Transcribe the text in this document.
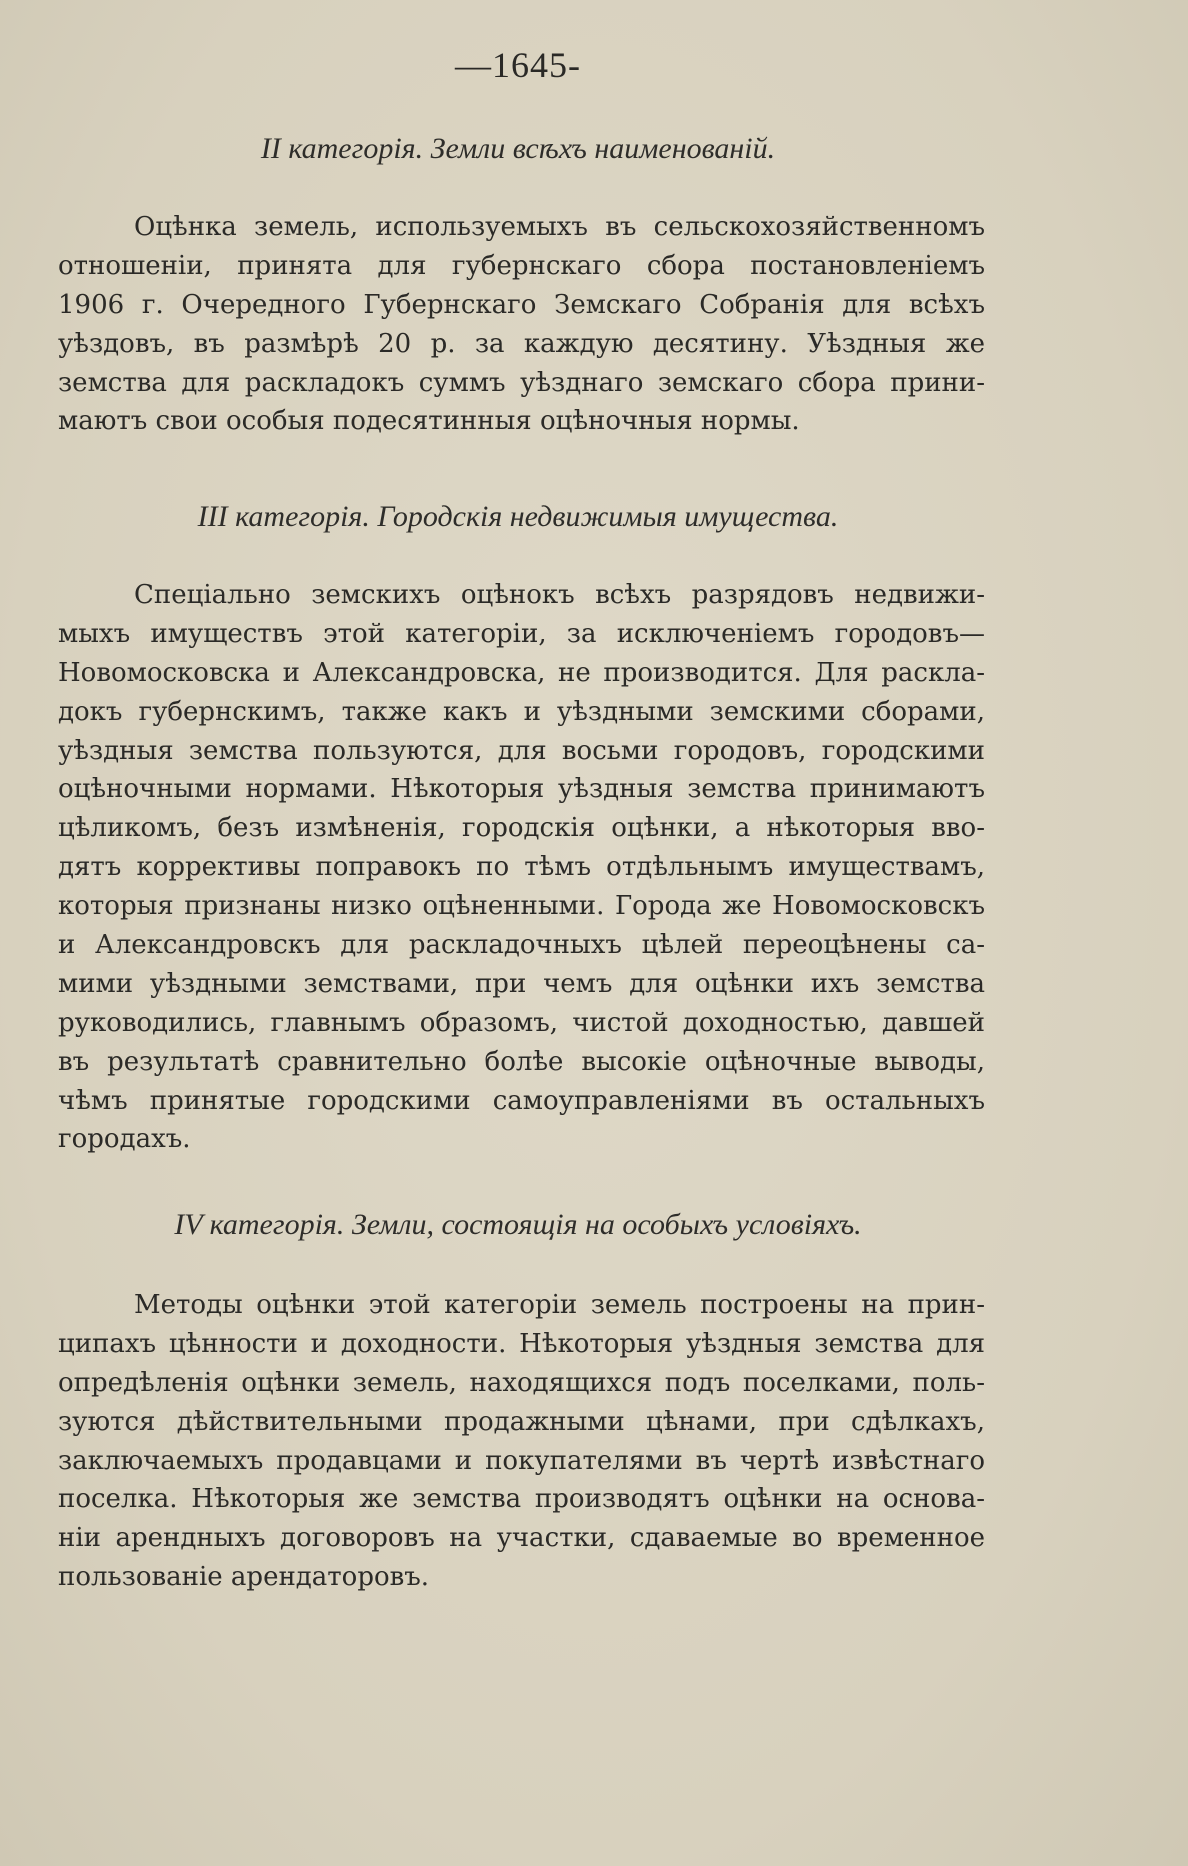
—1645-
II категорія. Земли всѣхъ наименованій.
Оцѣнка земель, используемыхъ въ сельскохозяйственномъ
отношеніи, принята для губернскаго сбора постановленіемъ
1906 г. Очередного Губернскаго Земскаго Собранія для всѣхъ
уѣздовъ, въ размѣрѣ 20 р. за каждую десятину. Уѣздныя же
земства для раскладокъ суммъ уѣзднаго земскаго сбора прини-
маютъ свои особыя подесятинныя оцѣночныя нормы.
III категорія. Городскія недвижимыя имущества.
Спеціально земскихъ оцѣнокъ всѣхъ разрядовъ недвижи-
мыхъ имуществъ этой категоріи, за исключеніемъ городовъ—
Новомосковска и Александровска, не производится. Для раскла-
докъ губернскимъ, также какъ и уѣздными земскими сборами,
уѣздныя земства пользуются, для восьми городовъ, городскими
оцѣночными нормами. Нѣкоторыя уѣздныя земства принимаютъ
цѣликомъ, безъ измѣненія, городскія оцѣнки, а нѣкоторыя вво-
дятъ коррективы поправокъ по тѣмъ отдѣльнымъ имуществамъ,
которыя признаны низко оцѣненными. Города же Новомосковскъ
и Александровскъ для раскладочныхъ цѣлей переоцѣнены са-
мими уѣздными земствами, при чемъ для оцѣнки ихъ земства
руководились, главнымъ образомъ, чистой доходностью, давшей
въ результатѣ сравнительно болѣе высокіе оцѣночные выводы,
чѣмъ принятые городскими самоуправленіями въ остальныхъ
городахъ.
IV категорія. Земли, состоящія на особыхъ условіяхъ.
Методы оцѣнки этой категоріи земель построены на прин-
ципахъ цѣнности и доходности. Нѣкоторыя уѣздныя земства для
опредѣленія оцѣнки земель, находящихся подъ поселками, поль-
зуются дѣйствительными продажными цѣнами, при сдѣлкахъ,
заключаемыхъ продавцами и покупателями въ чертѣ извѣстнаго
поселка. Нѣкоторыя же земства производятъ оцѣнки на основа-
ніи арендныхъ договоровъ на участки, сдаваемые во временное
пользованіе арендаторовъ.
